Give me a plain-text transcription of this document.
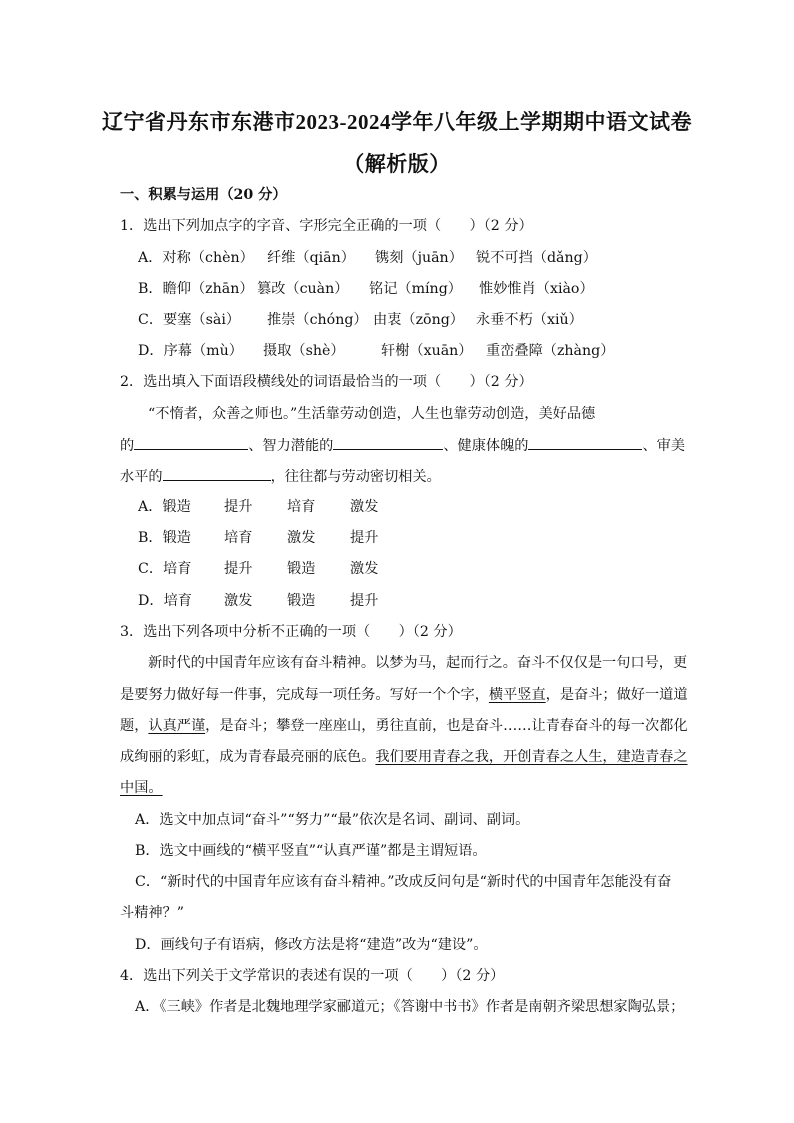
辽宁省丹东市东港市2023-2024学年八年级上学期期中语文试卷
（解析版）
一、积累与运用（20 分）
1．选出下列加点字的字音、字形完全正确的一项（　　）（2 分）
A．对称（chèn） 纤维（qiān） 镌刻（juān） 锐不可挡（dǎng）
B．瞻仰（zhān） 篡改（cuàn） 铭记（míng） 惟妙惟肖（xiào）
C．要塞（sài） 推崇（chóng） 由衷（zōng） 永垂不朽（xiǔ）
D．序幕（mù） 摄取（shè）	轩榭（xuān） 重峦叠障（zhàng）
2．选出填入下面语段横线处的词语最恰当的一项（　　）（2 分）
“不惰者，众善之师也。”生活靠劳动创造，人生也靠劳动创造，美好品德
的	、智力潜能的	、健康体魄的	、审美
水平的	，往往都与劳动密切相关。
A．锻造 提升 培育 激发
B．锻造 培育 激发 提升
C．培育 提升 锻造 激发
D．培育 激发 锻造 提升
3．选出下列各项中分析不正确的一项（　　）（2 分）
新时代的中国青年应该有奋斗精神。以梦为马，起而行之。奋斗不仅仅是一句口号，更
是要努力做好每一件事，完成每一项任务。写好一个个字，横平竖直，是奋斗；做好一道道
题，认真严谨，是奋斗；攀登一座座山，勇往直前，也是奋斗……让青春奋斗的每一次都化
成绚丽的彩虹，成为青春最亮丽的底色。我们要用青春之我，开创青春之人生，建造青春之
中国。
A．选文中加点词“奋斗”“努力”“最”依次是名词、副词、副词。
B．选文中画线的“横平竖直”“认真严谨”都是主谓短语。
C．“新时代的中国青年应该有奋斗精神。”改成反问句是“新时代的中国青年怎能没有奋
斗精神？”
D．画线句子有语病，修改方法是将“建造”改为“建设”。
4．选出下列关于文学常识的表述有误的一项（　　）（2 分）
A．《三峡》作者是北魏地理学家郦道元；《答谢中书书》作者是南朝齐梁思想家陶弘景；
